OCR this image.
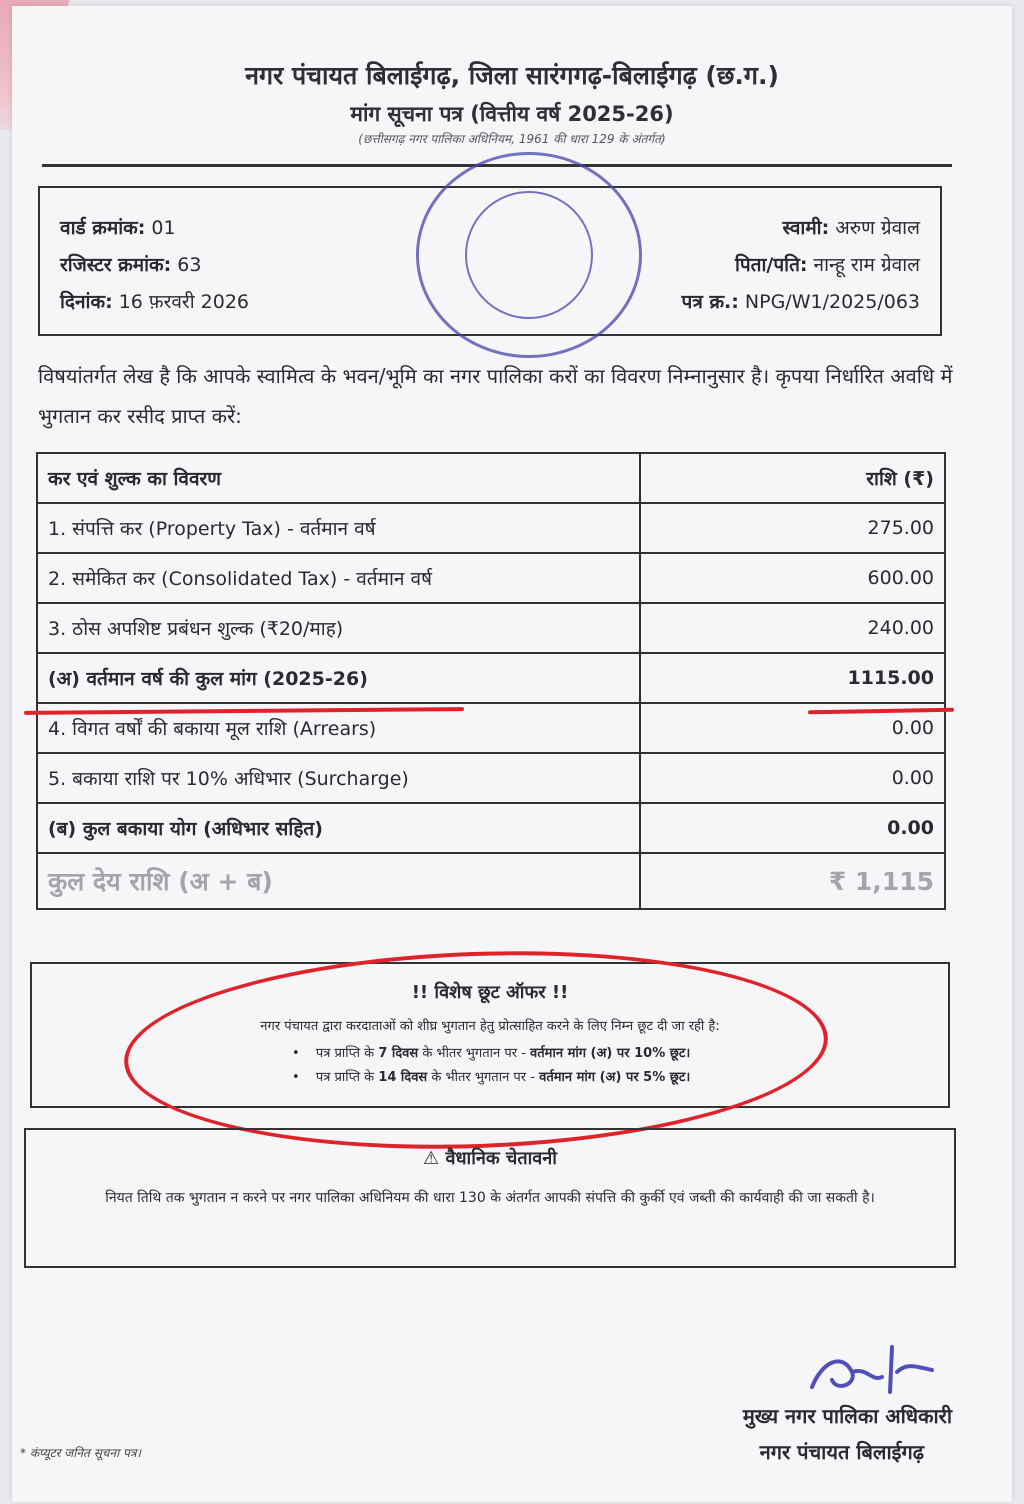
नगर पंचायत बिलाईगढ़, जिला सारंगगढ़-बिलाईगढ़ (छ.ग.)
मांग सूचना पत्र (वित्तीय वर्ष 2025-26)
(छत्तीसगढ़ नगर पालिका अधिनियम, 1961 की धारा 129 के अंतर्गत)
वार्ड क्रमांक: 01
रजिस्टर क्रमांक: 63
दिनांक: 16 फ़रवरी 2026
स्वामी: अरुण ग्रेवाल
पिता/पति: नान्हू राम ग्रेवाल
पत्र क्र.: NPG/W1/2025/063
विषयांतर्गत लेख है कि आपके स्वामित्व के भवन/भूमि का नगर पालिका करों का विवरण निम्नानुसार है। कृपया निर्धारित अवधि में भुगतान कर रसीद प्राप्त करें:
कर एवं शुल्क का विवरण	राशि (₹)
1. संपत्ति कर (Property Tax) - वर्तमान वर्ष	275.00
2. समेकित कर (Consolidated Tax) - वर्तमान वर्ष	600.00
3. ठोस अपशिष्ट प्रबंधन शुल्क (₹20/माह)	240.00
(अ) वर्तमान वर्ष की कुल मांग (2025-26)	1115.00
4. विगत वर्षों की बकाया मूल राशि (Arrears)	0.00
5. बकाया राशि पर 10% अधिभार (Surcharge)	0.00
(ब) कुल बकाया योग (अधिभार सहित)	0.00
कुल देय राशि (अ + ब)	₹ 1,115
!! विशेष छूट ऑफर !!
नगर पंचायत द्वारा करदाताओं को शीघ्र भुगतान हेतु प्रोत्साहित करने के लिए निम्न छूट दी जा रही है:
• पत्र प्राप्ति के 7 दिवस के भीतर भुगतान पर - वर्तमान मांग (अ) पर 10% छूट।
• पत्र प्राप्ति के 14 दिवस के भीतर भुगतान पर - वर्तमान मांग (अ) पर 5% छूट।
⚠ वैधानिक चेतावनी
नियत तिथि तक भुगतान न करने पर नगर पालिका अधिनियम की धारा 130 के अंतर्गत आपकी संपत्ति की कुर्की एवं जब्ती की कार्यवाही की जा सकती है।
मुख्य नगर पालिका अधिकारी
नगर पंचायत बिलाईगढ़
* कंप्यूटर जनित सूचना पत्र।
